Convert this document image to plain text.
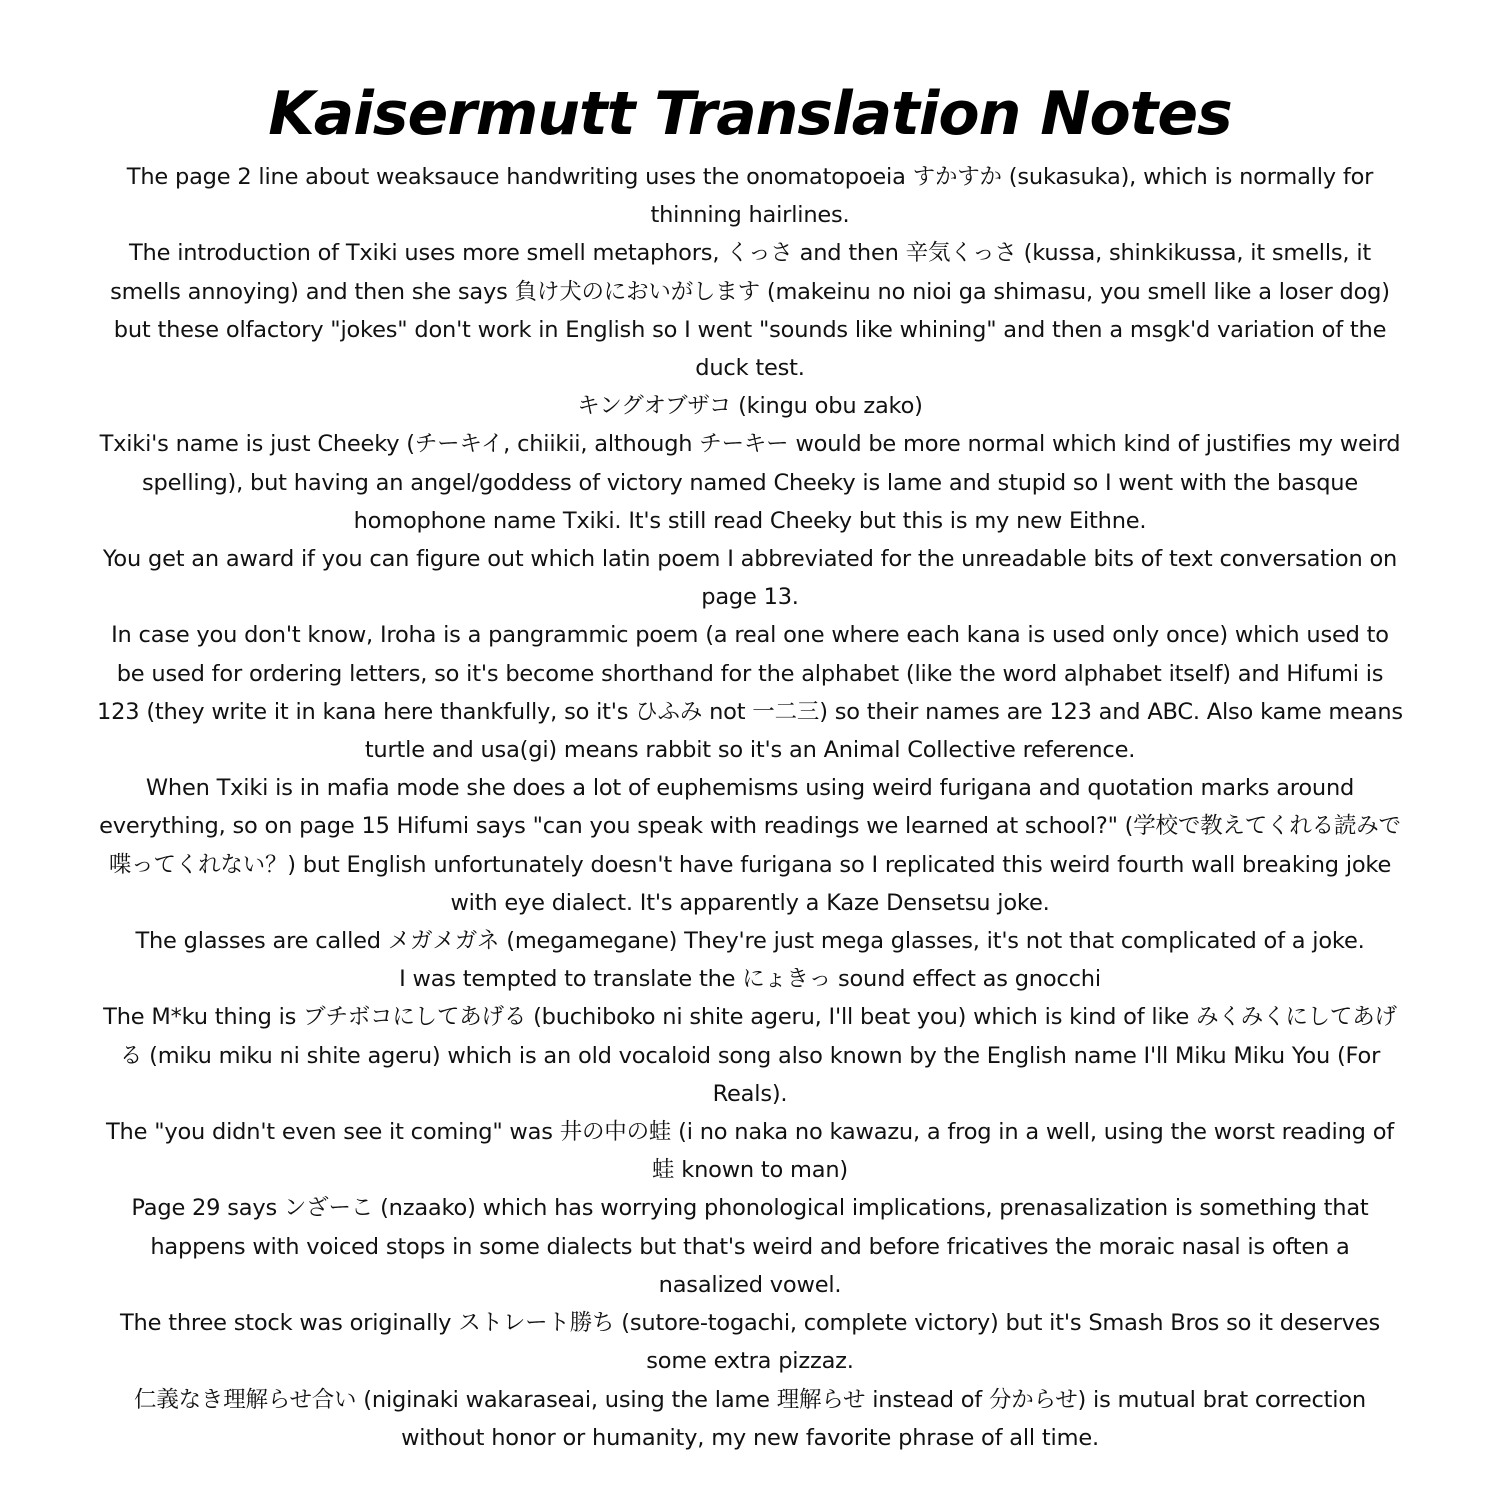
Kaisermutt Translation Notes

The page 2 line about weaksauce handwriting uses the onomatopoeia すかすか (sukasuka), which is normally for thinning hairlines.

The introduction of Txiki uses more smell metaphors, くっさ and then 辛気くっさ (kussa, shinkikussa, it smells, it smells annoying) and then she says 負け犬のにおいがします (makeinu no nioi ga shimasu, you smell like a loser dog) but these olfactory "jokes" don't work in English so I went "sounds like whining" and then a msgk'd variation of the duck test.

キングオブザコ (kingu obu zako)

Txiki's name is just Cheeky (チーキイ, chiikii, although チーキー would be more normal which kind of justifies my weird spelling), but having an angel/goddess of victory named Cheeky is lame and stupid so I went with the basque homophone name Txiki. It's still read Cheeky but this is my new Eithne.

You get an award if you can figure out which latin poem I abbreviated for the unreadable bits of text conversation on page 13.

In case you don't know, Iroha is a pangrammic poem (a real one where each kana is used only once) which used to be used for ordering letters, so it's become shorthand for the alphabet (like the word alphabet itself) and Hifumi is 123 (they write it in kana here thankfully, so it's ひふみ not 一二三) so their names are 123 and ABC. Also kame means turtle and usa(gi) means rabbit so it's an Animal Collective reference.

When Txiki is in mafia mode she does a lot of euphemisms using weird furigana and quotation marks around everything, so on page 15 Hifumi says "can you speak with readings we learned at school?" (学校で教えてくれる読みで喋ってくれない？) but English unfortunately doesn't have furigana so I replicated this weird fourth wall breaking joke with eye dialect. It's apparently a Kaze Densetsu joke.

The glasses are called メガメガネ (megamegane) They're just mega glasses, it's not that complicated of a joke.

I was tempted to translate the にょきっ sound effect as gnocchi

The M*ku thing is ブチボコにしてあげる (buchiboko ni shite ageru, I'll beat you) which is kind of like みくみくにしてあげる (miku miku ni shite ageru) which is an old vocaloid song also known by the English name I'll Miku Miku You (For Reals).

The "you didn't even see it coming" was 井の中の蛙 (i no naka no kawazu, a frog in a well, using the worst reading of 蛙 known to man)

Page 29 says ンざーこ (nzaako) which has worrying phonological implications, prenasalization is something that happens with voiced stops in some dialects but that's weird and before fricatives the moraic nasal is often a nasalized vowel.

The three stock was originally ストレート勝ち (sutore-togachi, complete victory) but it's Smash Bros so it deserves some extra pizzaz.

仁義なき理解らせ合い (niginaki wakaraseai, using the lame 理解らせ instead of 分からせ) is mutual brat correction without honor or humanity, my new favorite phrase of all time.
